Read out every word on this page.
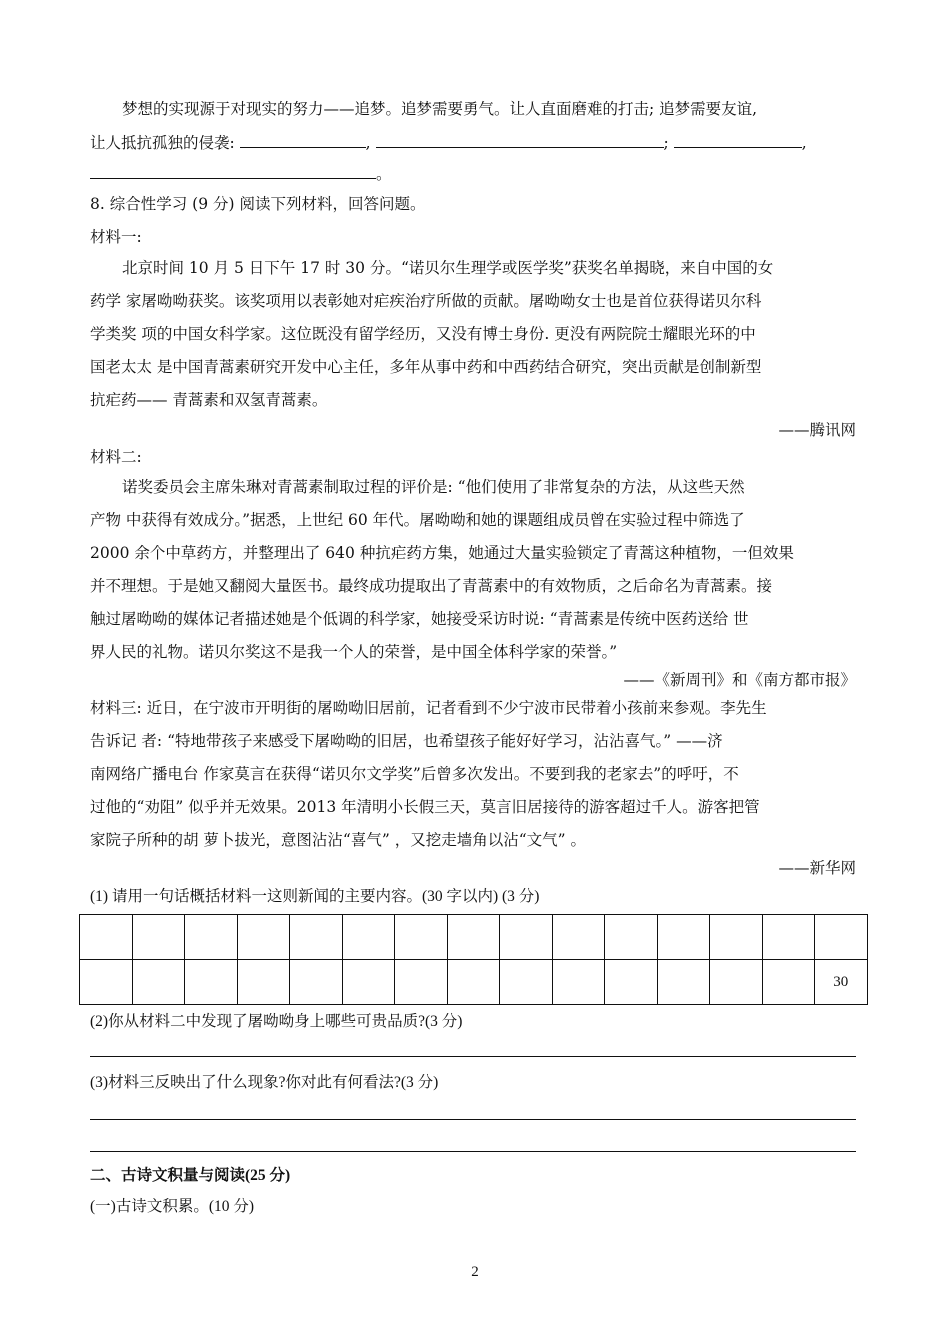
梦想的实现源于对现实的努力——追梦。追梦需要勇气。让人直面磨难的打击; 追梦需要友谊,
让人抵抗孤独的侵袭:	,	;	,
。
8. 综合性学习 (9 分) 阅读下列材料，回答问题。
材料一:
北京时间 10 月 5 日下午 17 时 30 分。“诺贝尔生理学或医学奖”获奖名单揭晓，来自中国的女
药学 家屠呦呦获奖。该奖项用以表彰她对疟疾治疗所做的贡献。屠呦呦女士也是首位获得诺贝尔科
学类奖 项的中国女科学家。这位既没有留学经历，又没有博士身份. 更没有两院院士耀眼光环的中
国老太太 是中国青蒿素研究开发中心主任，多年从事中药和中西药结合研究，突出贡献是创制新型
抗疟药—— 青蒿素和双氢青蒿素。
——腾讯网
材料二:
诺奖委员会主席朱琳对青蒿素制取过程的评价是: “他们使用了非常复杂的方法，从这些天然
产物 中获得有效成分。”据悉，上世纪 60 年代。屠呦呦和她的课题组成员曾在实验过程中筛选了
2000 余个中草药方，并整理出了 640 种抗疟药方集，她通过大量实验锁定了青蒿这种植物，一但效果
并不理想。于是她又翻阅大量医书。最终成功提取出了青蒿素中的有效物质，之后命名为青蒿素。接
触过屠呦呦的媒体记者描述她是个低调的科学家，她接受采访时说: “青蒿素是传统中医药送给 世
界人民的礼物。诺贝尔奖这不是我一个人的荣誉，是中国全体科学家的荣誉。”
——《新周刊》和《南方都市报》
材料三: 近日，在宁波市开明街的屠呦呦旧居前，记者看到不少宁波市民带着小孩前来参观。李先生
告诉记 者: “特地带孩子来感受下屠呦呦的旧居，也希望孩子能好好学习，沾沾喜气。” ——济
南网络广播电台 作家莫言在获得“诺贝尔文学奖”后曾多次发出。不要到我的老家去”的呼吁，不
过他的“劝阻” 似乎并无效果。2013 年清明小长假三天，莫言旧居接待的游客超过千人。游客把管
家院子所种的胡 萝卜拔光，意图沾沾“喜气” ，又挖走墙角以沾“文气” 。
——新华网
(1) 请用一句话概括材料一这则新闻的主要内容。(30 字以内) (3 分)
(2)你从材料二中发现了屠呦呦身上哪些可贵品质?(3 分)
(3)材料三反映出了什么现象?你对此有何看法?(3 分)
二、古诗文积量与阅读(25 分)
(一)古诗文积累。(10 分)

														30
2
